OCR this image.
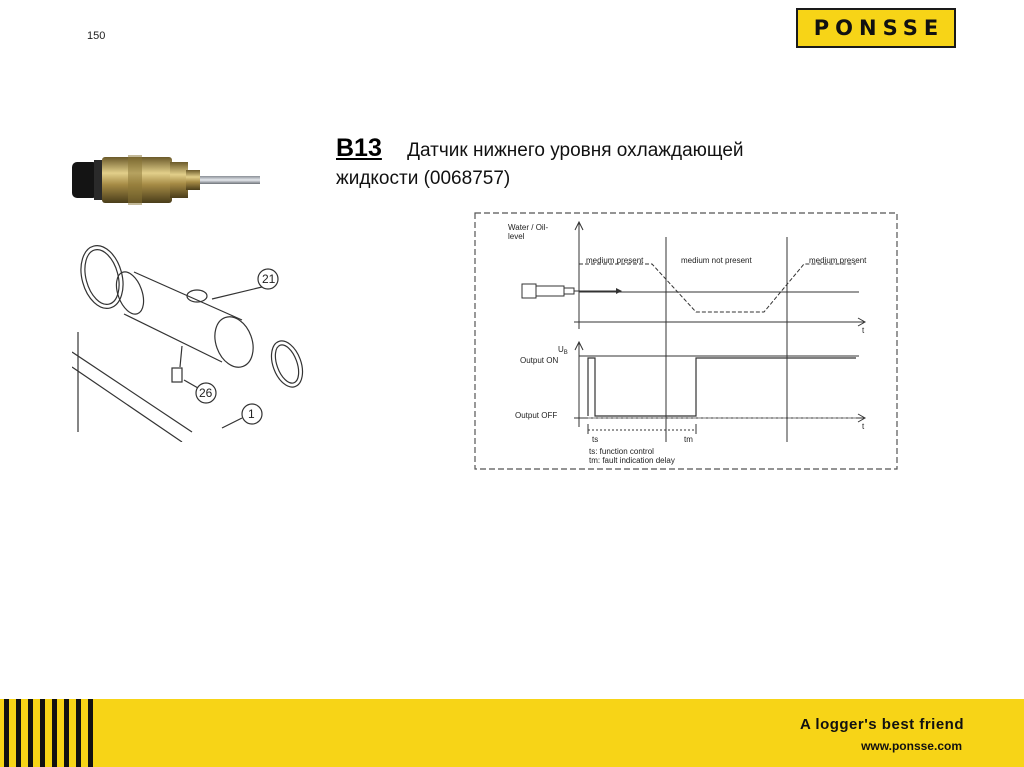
150	PONSSE
B13 Датчик нижнего уровня охлаждающей жидкости (0068757)
21
26
1
Water / Oil-
level
t
medium present	medium not present	medium present
t
$U_B$
Output ON
Output OFF
ts	tm
ts: function control
tm: fault indication delay
A logger's best friend
www.ponsse.com
